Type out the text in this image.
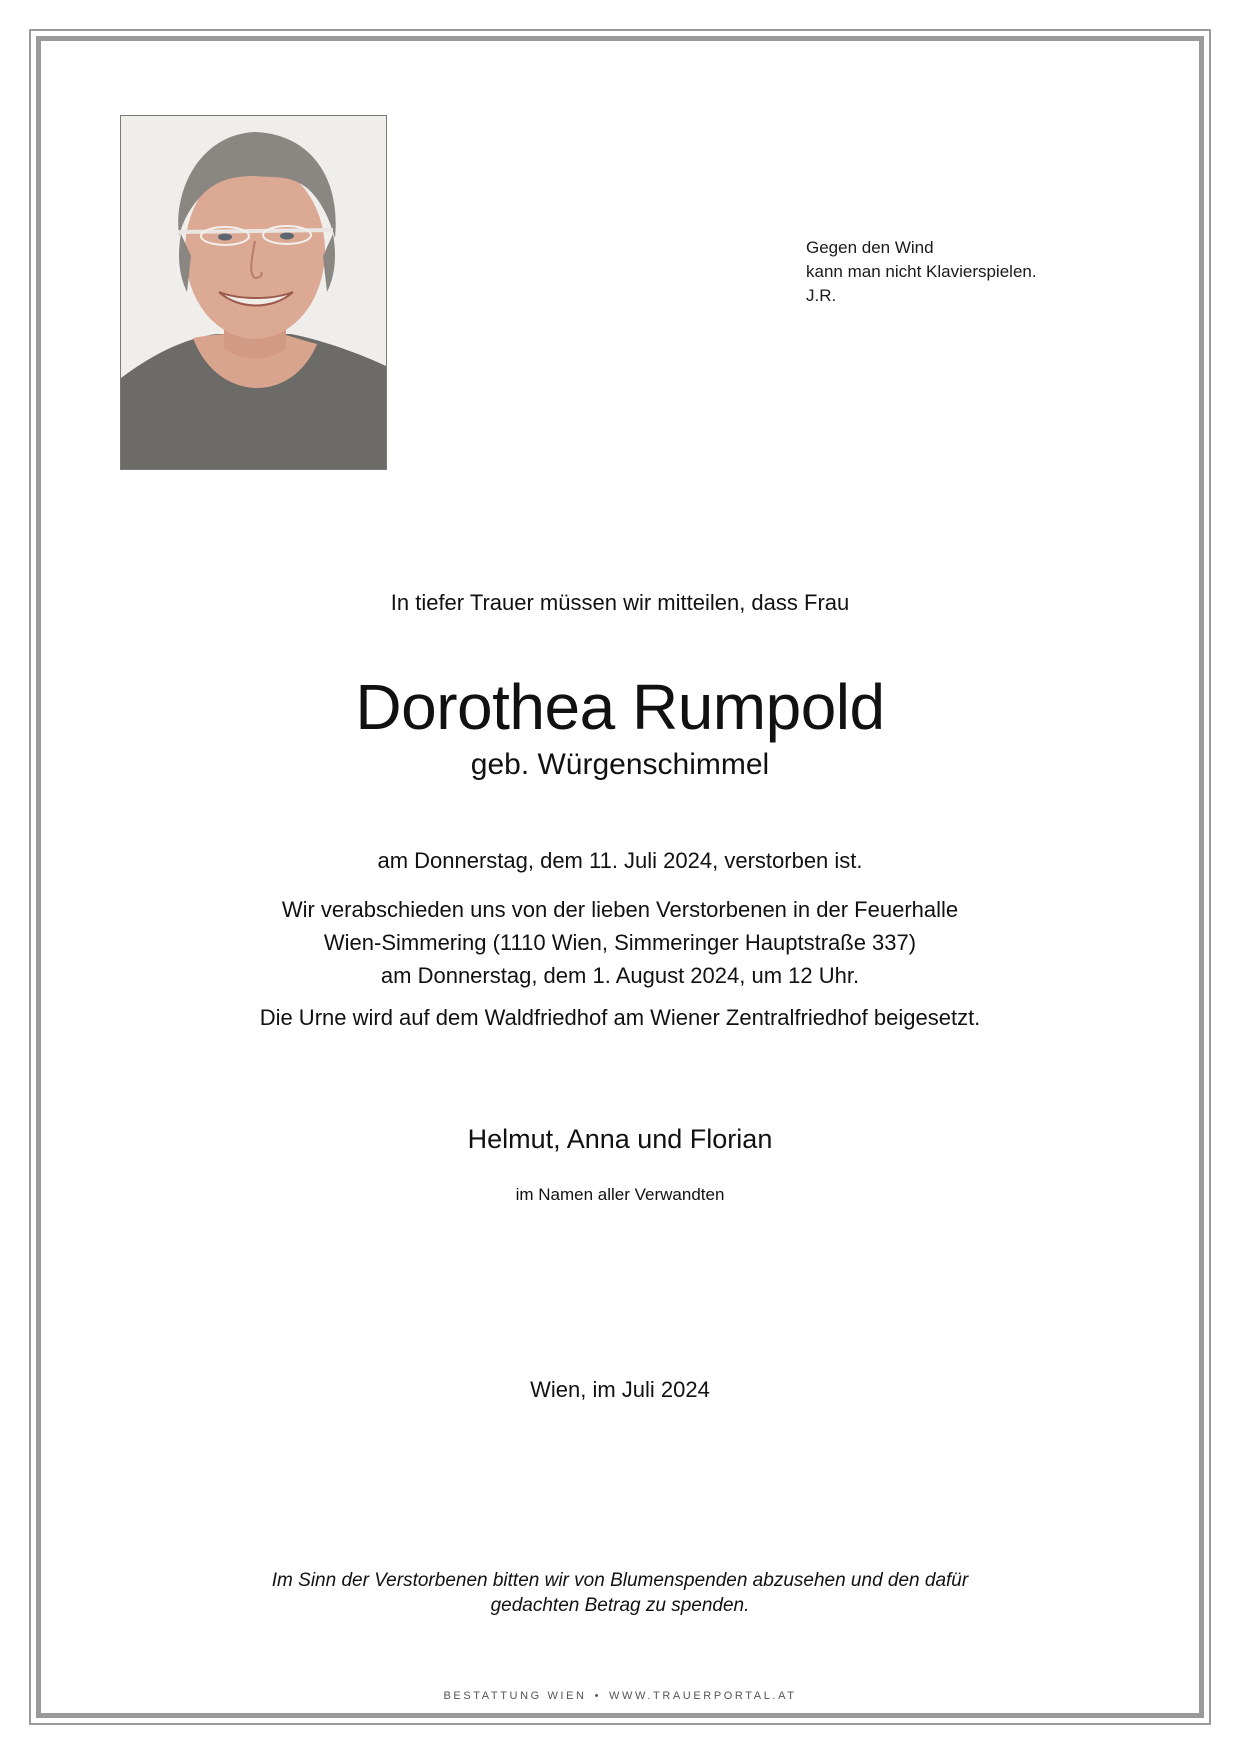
Gegen den Wind
kann man nicht Klavierspielen.
J.R.
In tiefer Trauer müssen wir mitteilen, dass Frau
Dorothea Rumpold
geb. Würgenschimmel
am Donnerstag, dem 11. Juli 2024, verstorben ist.
Wir verabschieden uns von der lieben Verstorbenen in der Feuerhalle
Wien-Simmering (1110 Wien, Simmeringer Hauptstraße 337)
am Donnerstag, dem 1. August 2024, um 12 Uhr.
Die Urne wird auf dem Waldfriedhof am Wiener Zentralfriedhof beigesetzt.
Helmut, Anna und Florian
im Namen aller Verwandten
Wien, im Juli 2024
Im Sinn der Verstorbenen bitten wir von Blumenspenden abzusehen und den dafür
gedachten Betrag zu spenden.
BESTATTUNG WIEN • WWW.TRAUERPORTAL.AT
